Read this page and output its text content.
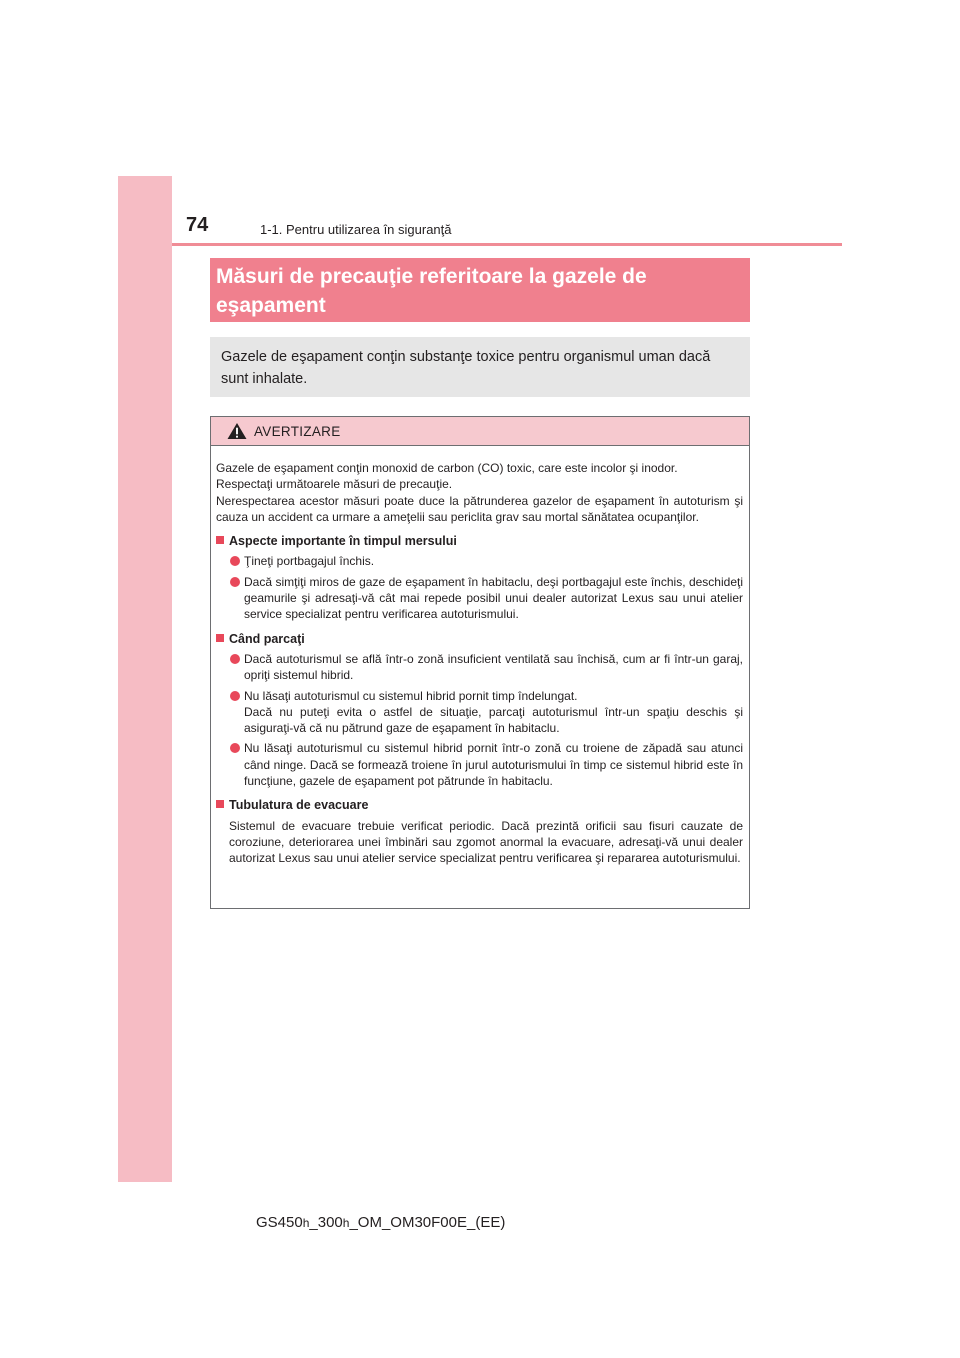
74	1-1. Pentru utilizarea în siguranţă
Măsuri de precauţie referitoare la gazele de
eşapament
Gazele de eşapament conţin substanţe toxice pentru organismul uman dacă
sunt inhalate.
AVERTIZARE

Gazele de eşapament conţin monoxid de carbon (CO) toxic, care este incolor şi inodor.

Respectaţi următoarele măsuri de precauţie.

Nerespectarea acestor măsuri poate duce la pătrunderea gazelor de eşapament în autoturism şi cauza un accident ca urmare a ameţelii sau periclita grav sau mortal sănătatea ocupanţilor.

Aspecte importante în timpul mersului
Ţineţi portbagajul închis.
Dacă simţiţi miros de gaze de eşapament în habitaclu, deşi portbagajul este închis, deschideţi geamurile şi adresaţi-vă cât mai repede posibil unui dealer autorizat Lexus sau unui atelier service specializat pentru verificarea autoturismului.
Când parcaţi
Dacă autoturismul se află într-o zonă insuficient ventilată sau închisă, cum ar fi într-un garaj, opriţi sistemul hibrid.
Nu lăsaţi autoturismul cu sistemul hibrid pornit timp îndelungat.
Dacă nu puteţi evita o astfel de situaţie, parcaţi autoturismul într-un spaţiu deschis şi asiguraţi-vă că nu pătrund gaze de eşapament în habitaclu.
Nu lăsaţi autoturismul cu sistemul hibrid pornit într-o zonă cu troiene de zăpadă sau atunci când ninge. Dacă se formează troiene în jurul autoturismului în timp ce sistemul hibrid este în funcţiune, gazele de eşapament pot pătrunde în habitaclu.
Tubulatura de evacuare

Sistemul de evacuare trebuie verificat periodic. Dacă prezintă orificii sau fisuri cauzate de coroziune, deteriorarea unei îmbinări sau zgomot anormal la evacuare, adresaţi-vă unui dealer autorizat Lexus sau unui atelier service specializat pentru verificarea şi repararea autoturismului.

GS450h_300h_OM_OM30F00E_(EE)
